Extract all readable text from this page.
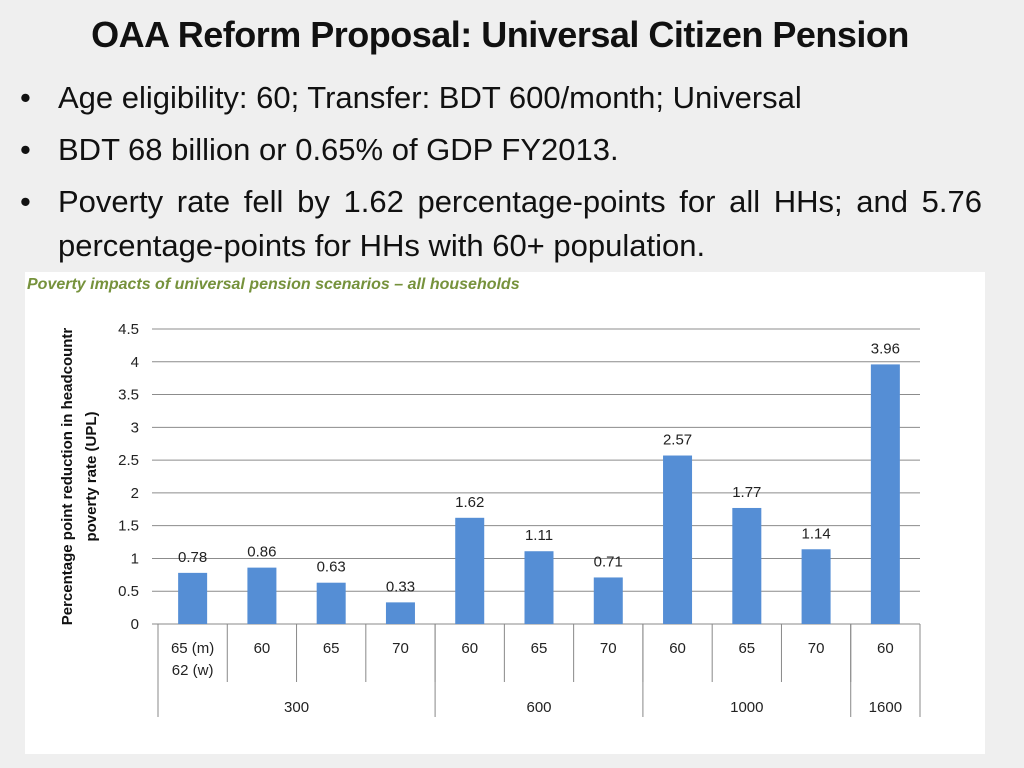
OAA Reform Proposal: Universal Citizen Pension
• Age eligibility: 60; Transfer: BDT 600/month; Universal
• BDT 68 billion or 0.65% of GDP FY2013.
• Poverty rate fell by 1.62 percentage-points for all HHs; and 5.76 percentage-points for HHs with 60+ population.
Poverty impacts of universal pension scenarios – all households
0
0.5
1
1.5
2
2.5
3
3.5
4
4.5
Percentage point reduction in headcountr poverty rate (UPL)
0.78	0.86
0.63
0.33
1.62
1.11
0.71
2.57
1.77
1.14
3.96
65 (m)
62 (w)
60	65	70	60	65	70	60	65	70	60
300	600	1000	1600
